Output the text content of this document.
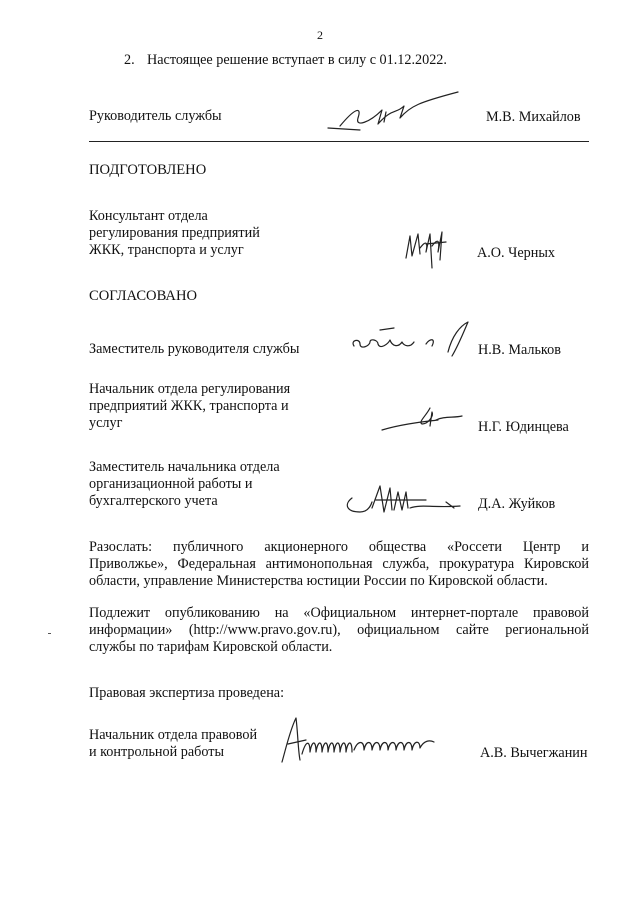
2
2. Настоящее решение вступает в силу с 01.12.2022.
Руководитель службы	М.В. Михайлов
ПОДГОТОВЛЕНО
Консультант отдела
регулирования предприятий
ЖКК, транспорта и услуг	А.О. Черных
СОГЛАСОВАНО
Заместитель руководителя службы	Н.В. Мальков
Начальник отдела регулирования
предприятий ЖКК, транспорта и
услуг	Н.Г. Юдинцева
Заместитель начальника отдела
организационной работы и
бухгалтерского учета	Д.А. Жуйков
Разослать: публичного акционерного общества «Россети Центр и
Приволжье», Федеральная антимонопольная служба, прокуратура Кировской
области, управление Министерства юстиции России по Кировской области.
Подлежит опубликованию на «Официальном интернет-портале правовой
информации» (http://www.pravo.gov.ru), официальном сайте региональной
службы по тарифам Кировской области.
Правовая экспертиза проведена:
Начальник отдела правовой
и контрольной работы	А.В. Вычегжанин
